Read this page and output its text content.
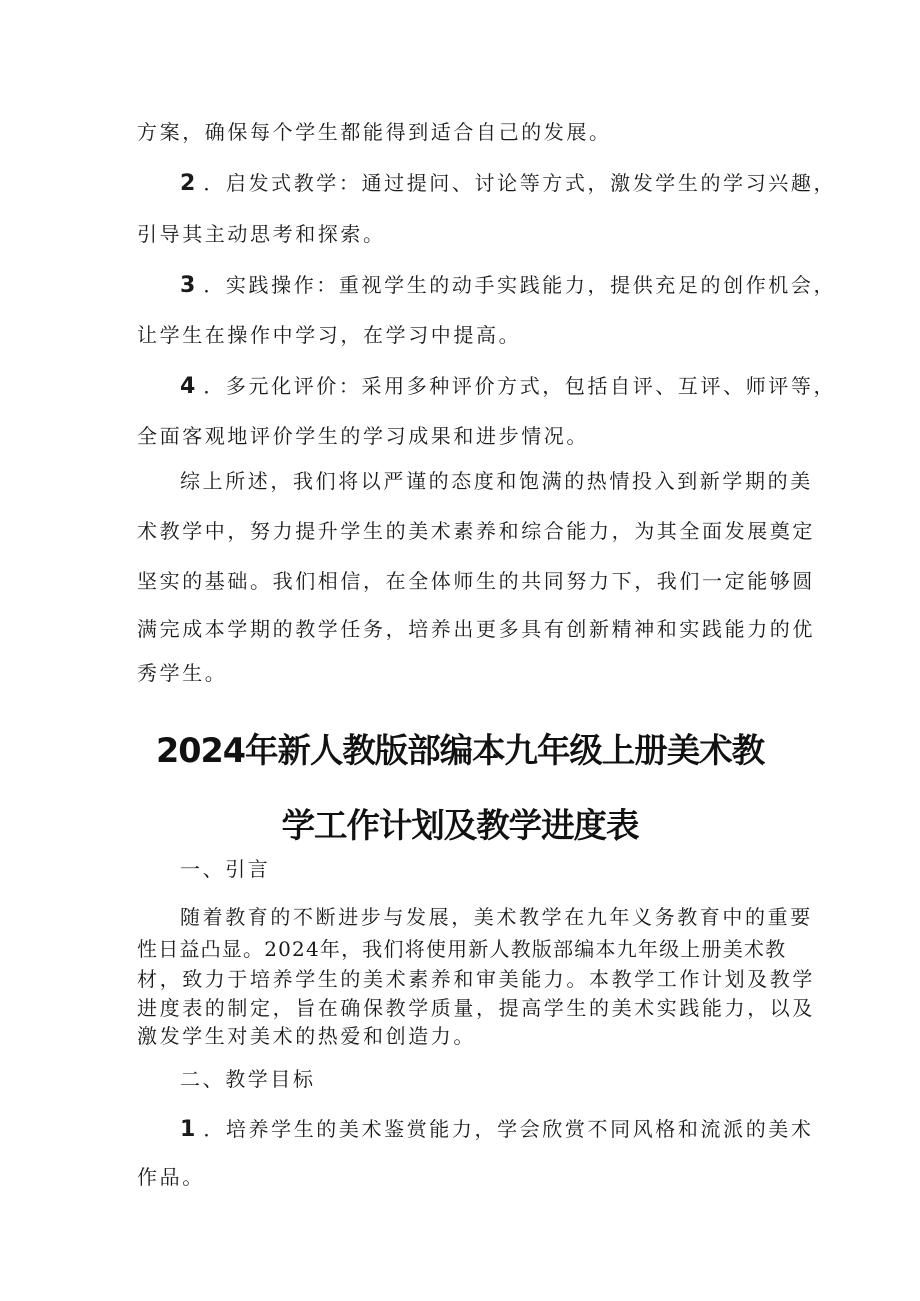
方案，确保每个学生都能得到适合自己的发展。
2 ．启发式教学：通过提问、讨论等方式，激发学生的学习兴趣，
引导其主动思考和探索。
3 ．实践操作：重视学生的动手实践能力，提供充足的创作机会，
让学生在操作中学习，在学习中提高。
4 ．多元化评价：采用多种评价方式，包括自评、互评、师评等，
全面客观地评价学生的学习成果和进步情况。
综上所述，我们将以严谨的态度和饱满的热情投入到新学期的美
术教学中，努力提升学生的美术素养和综合能力，为其全面发展奠定
坚实的基础。我们相信，在全体师生的共同努力下，我们一定能够圆
满完成本学期的教学任务，培养出更多具有创新精神和实践能力的优
秀学生。
2024年新人教版部编本九年级上册美术教
学工作计划及教学进度表
一、引言
随着教育的不断进步与发展，美术教学在九年义务教育中的重要
性日益凸显。2024年，我们将使用新人教版部编本九年级上册美术教
材，致力于培养学生的美术素养和审美能力。本教学工作计划及教学
进度表的制定，旨在确保教学质量，提高学生的美术实践能力，以及
激发学生对美术的热爱和创造力。
二、教学目标
1 ．培养学生的美术鉴赏能力，学会欣赏不同风格和流派的美术
作品。
